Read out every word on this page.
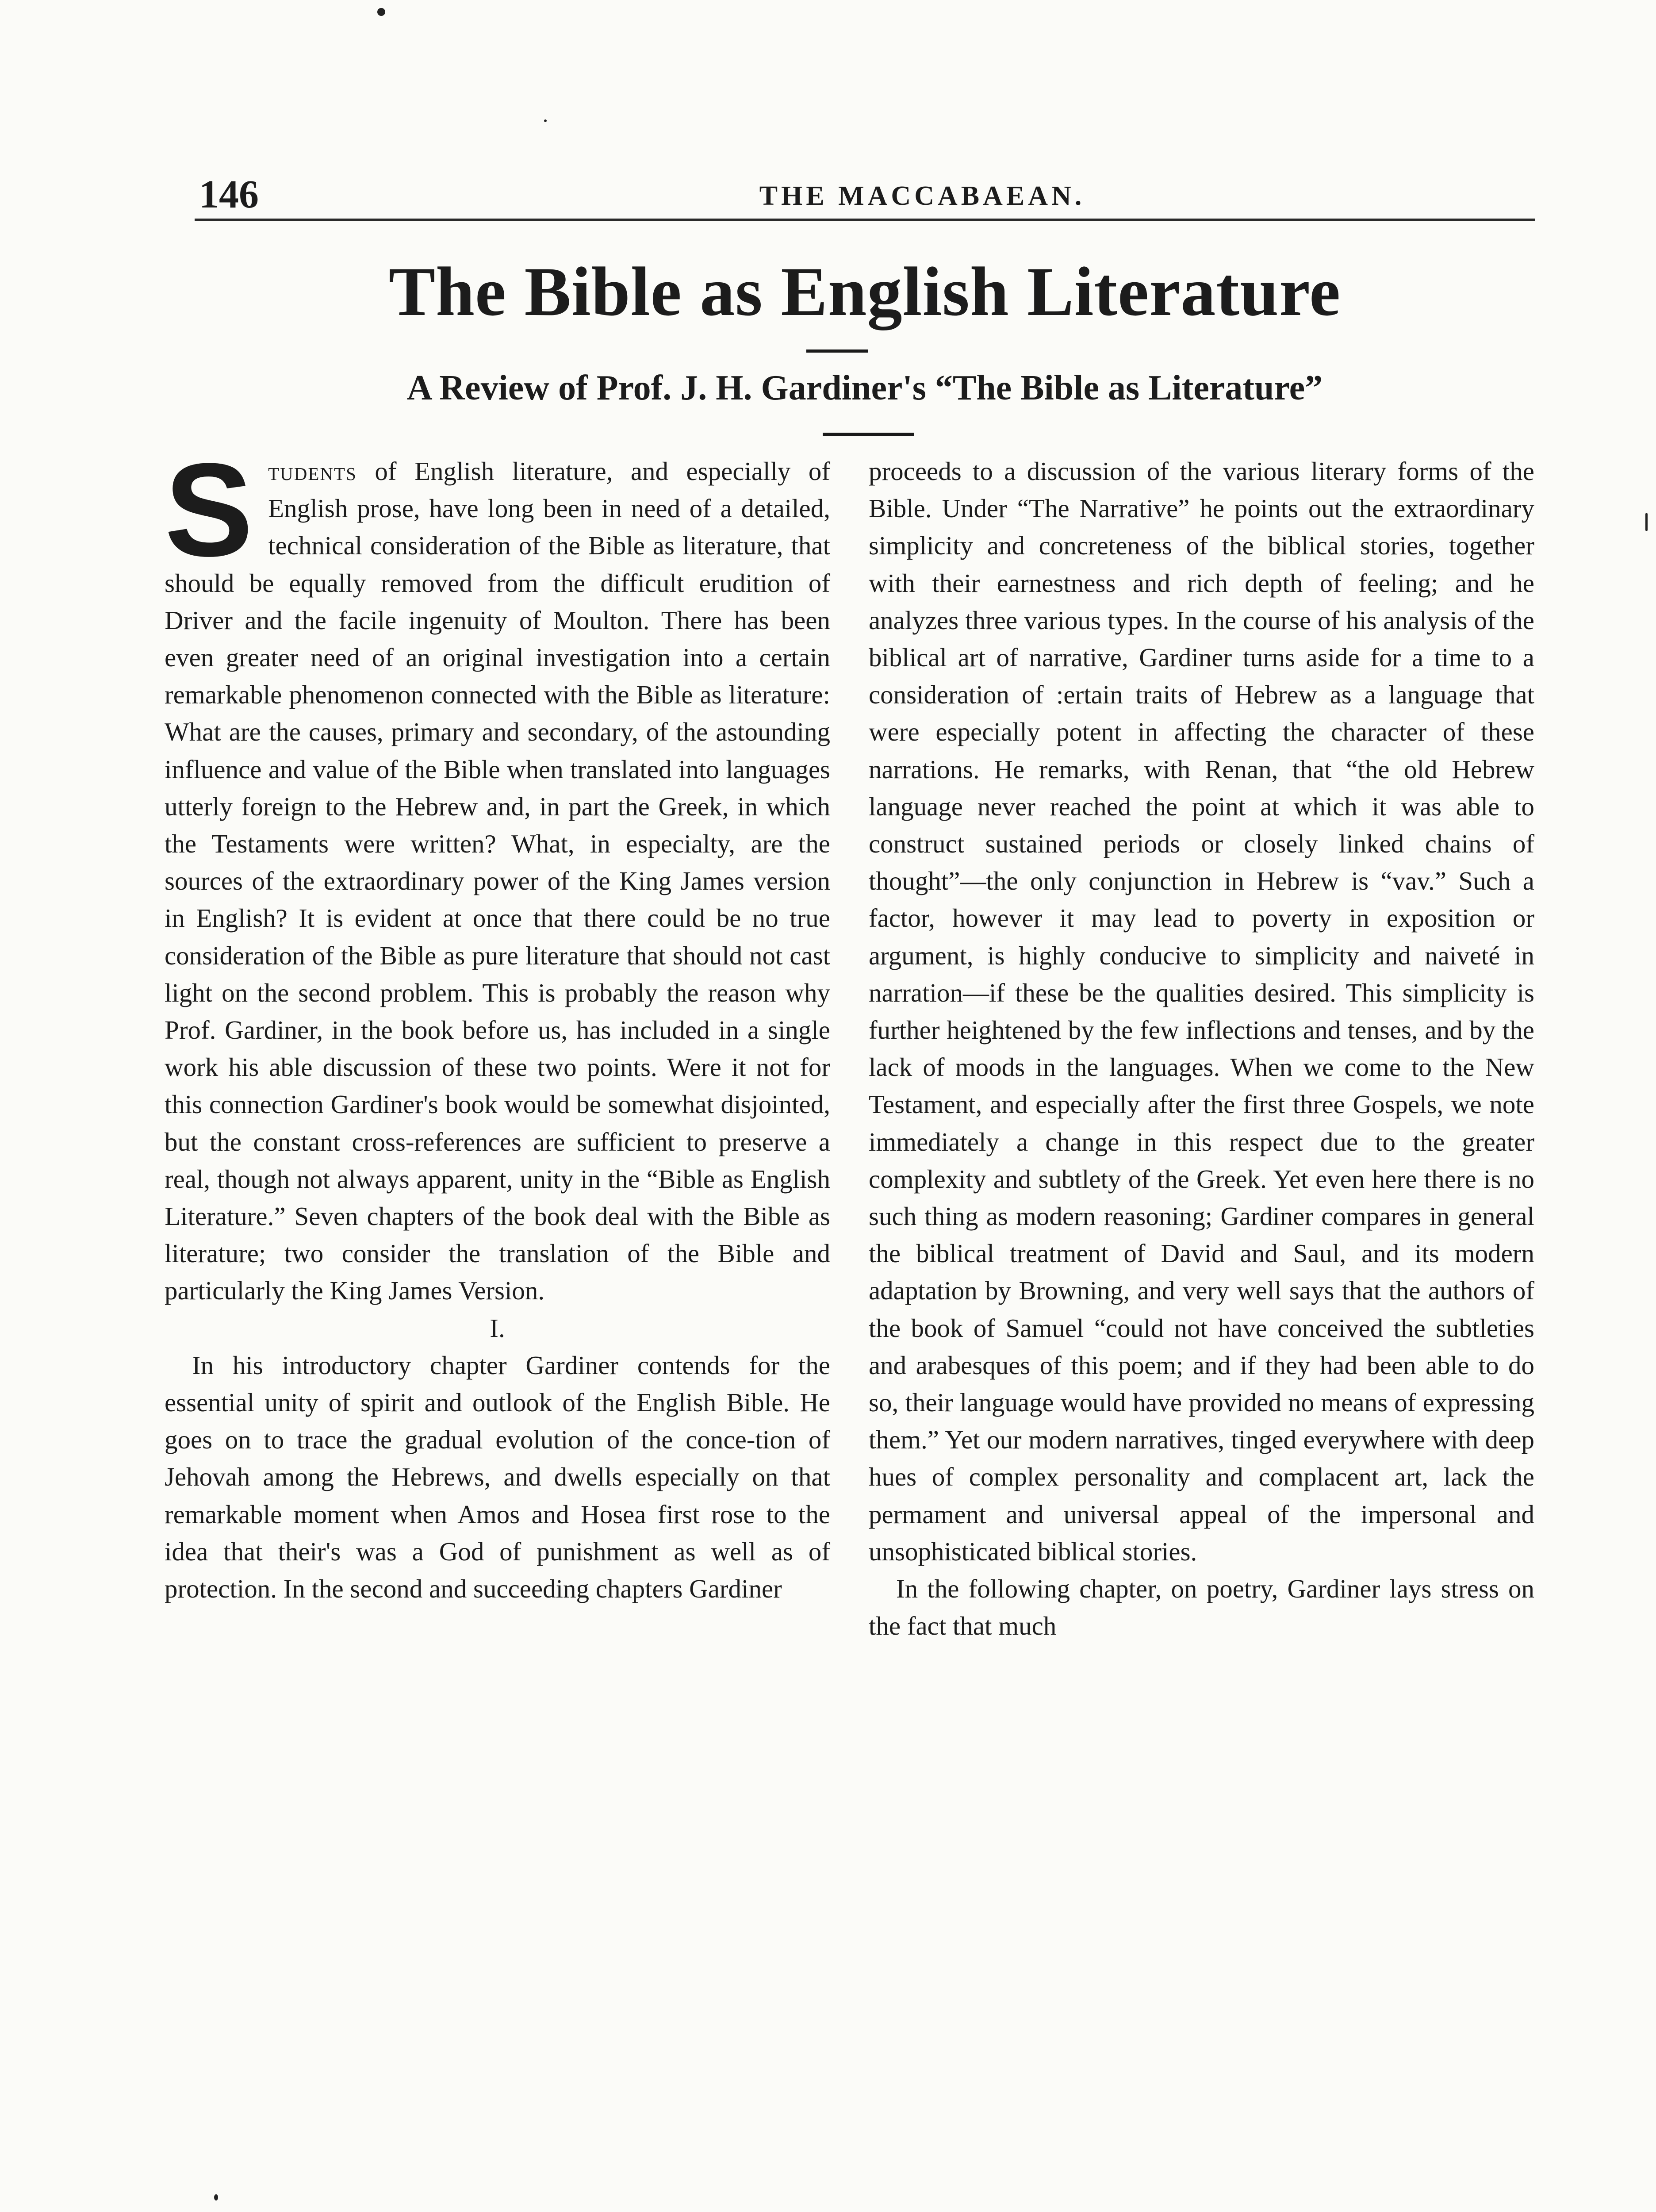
146	THE MACCABAEAN.
The Bible as English Literature
A Review of Prof. J. H. Gardiner's “The Bible as Literature”

Students of English literature, and especially of English prose, have long been in need of a detailed, technical consideration of the Bible as literature, that should be equally removed from the difficult erudition of Driver and the facile ingenuity of Moulton. There has been even greater need of an original investigation into a certain remarkable phenomenon connected with the Bible as literature: What are the causes, primary and secondary, of the astounding influence and value of the Bible when translated into languages utterly foreign to the Hebrew and, in part the Greek, in which the Testaments were written? What, in especialty, are the sources of the extraordinary power of the King James version in English? It is evident at once that there could be no true consideration of the Bible as pure literature that should not cast light on the second problem. This is probably the reason why Prof. Gardiner, in the book before us, has included in a single work his able discussion of these two points. Were it not for this connection Gardiner's book would be somewhat disjointed, but the constant cross-references are sufficient to preserve a real, though not always apparent, unity in the “Bible as English Literature.” Seven chapters of the book deal with the Bible as literature; two consider the translation of the Bible and particularly the King James Version.

I.

In his introductory chapter Gardiner contends for the essential unity of spirit and outlook of the English Bible. He goes on to trace the gradual evolution of the conce-tion of Jehovah among the Hebrews, and dwells especially on that remarkable moment when Amos and Hosea first rose to the idea that their's was a God of punishment as well as of protection. In the second and succeeding chapters Gardiner

proceeds to a discussion of the various literary forms of the Bible. Under “The Narrative” he points out the extraordinary simplicity and concreteness of the biblical stories, together with their earnestness and rich depth of feeling; and he analyzes three various types. In the course of his analysis of the biblical art of narrative, Gardiner turns aside for a time to a consideration of :ertain traits of Hebrew as a language that were especially potent in affecting the character of these narrations. He remarks, with Renan, that “the old Hebrew language never reached the point at which it was able to construct sustained periods or closely linked chains of thought”—the only conjunction in Hebrew is “vav.” Such a factor, however it may lead to poverty in exposition or argument, is highly conducive to simplicity and naiveté in narration—if these be the qualities desired. This simplicity is further heightened by the few inflections and tenses, and by the lack of moods in the languages. When we come to the New Testament, and especially after the first three Gospels, we note immediately a change in this respect due to the greater complexity and subtlety of the Greek. Yet even here there is no such thing as modern reasoning; Gardiner compares in general the biblical treatment of David and Saul, and its modern adaptation by Browning, and very well says that the authors of the book of Samuel “could not have conceived the subtleties and arabesques of this poem; and if they had been able to do so, their language would have provided no means of expressing them.” Yet our modern narratives, tinged everywhere with deep hues of complex personality and complacent art, lack the permament and universal appeal of the impersonal and unsophisticated biblical stories.

In the following chapter, on poetry, Gardiner lays stress on the fact that much
